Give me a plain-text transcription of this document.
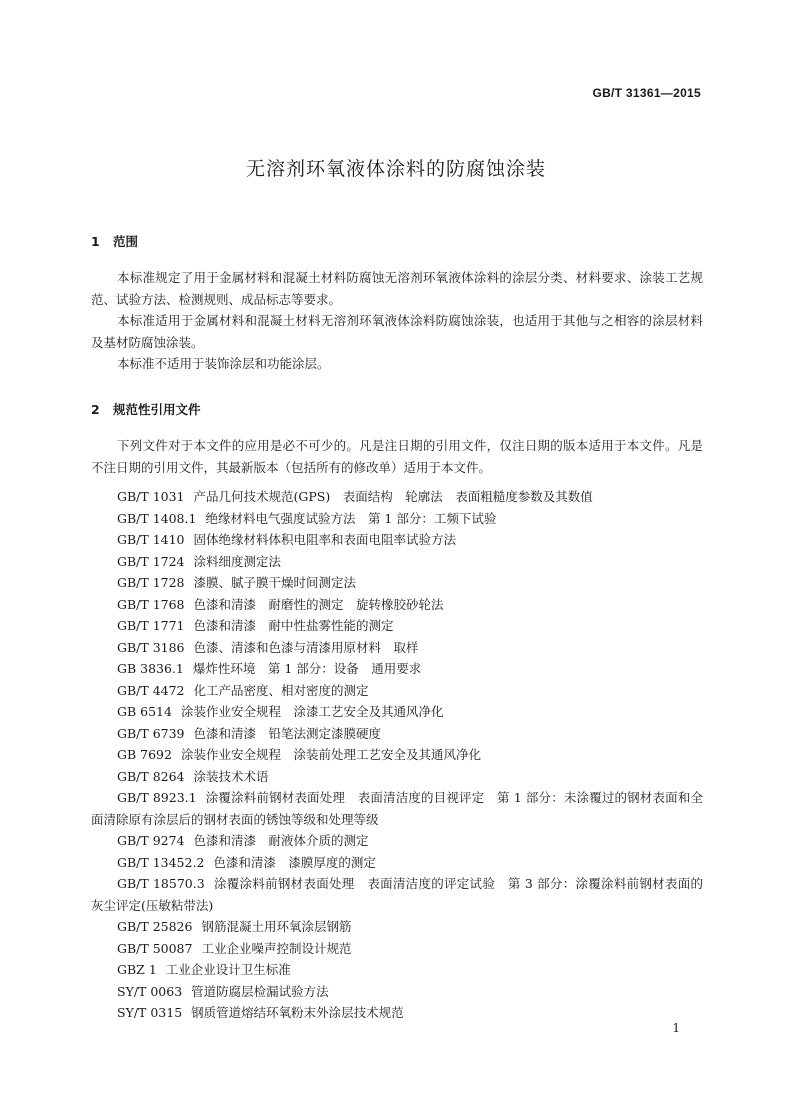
GB/T 31361—2015
无溶剂环氧液体涂料的防腐蚀涂装
1 范围

本标准规定了用于金属材料和混凝土材料防腐蚀无溶剂环氧液体涂料的涂层分类、材料要求、涂装工艺规范、试验方法、检测规则、成品标志等要求。

本标准适用于金属材料和混凝土材料无溶剂环氧液体涂料防腐蚀涂装，也适用于其他与之相容的涂层材料及基材防腐蚀涂装。

本标准不适用于装饰涂层和功能涂层。

2 规范性引用文件

下列文件对于本文件的应用是必不可少的。凡是注日期的引用文件，仅注日期的版本适用于本文件。凡是不注日期的引用文件，其最新版本（包括所有的修改单）适用于本文件。

GB/T 1031 产品几何技术规范(GPS)　表面结构　轮廓法　表面粗糙度参数及其数值

GB/T 1408.1 绝缘材料电气强度试验方法　第 1 部分：工频下试验

GB/T 1410 固体绝缘材料体积电阻率和表面电阻率试验方法

GB/T 1724 涂料细度测定法

GB/T 1728 漆膜、腻子膜干燥时间测定法

GB/T 1768 色漆和清漆　耐磨性的测定　旋转橡胶砂轮法

GB/T 1771 色漆和清漆　耐中性盐雾性能的测定

GB/T 3186 色漆、清漆和色漆与清漆用原材料　取样

GB 3836.1 爆炸性环境　第 1 部分：设备　通用要求

GB/T 4472 化工产品密度、相对密度的测定

GB 6514 涂装作业安全规程　涂漆工艺安全及其通风净化

GB/T 6739 色漆和清漆　铅笔法测定漆膜硬度

GB 7692 涂装作业安全规程　涂装前处理工艺安全及其通风净化

GB/T 8264 涂装技术术语

GB/T 8923.1 涂覆涂料前钢材表面处理　表面清洁度的目视评定　第 1 部分：未涂覆过的钢材表面和全面清除原有涂层后的钢材表面的锈蚀等级和处理等级

GB/T 9274 色漆和清漆　耐液体介质的测定

GB/T 13452.2 色漆和清漆　漆膜厚度的测定

GB/T 18570.3 涂覆涂料前钢材表面处理　表面清洁度的评定试验　第 3 部分：涂覆涂料前钢材表面的灰尘评定(压敏粘带法)

GB/T 25826 钢筋混凝土用环氧涂层钢筋

GB/T 50087 工业企业噪声控制设计规范

GBZ 1 工业企业设计卫生标准

SY/T 0063 管道防腐层检漏试验方法

SY/T 0315 钢质管道熔结环氧粉末外涂层技术规范

1
